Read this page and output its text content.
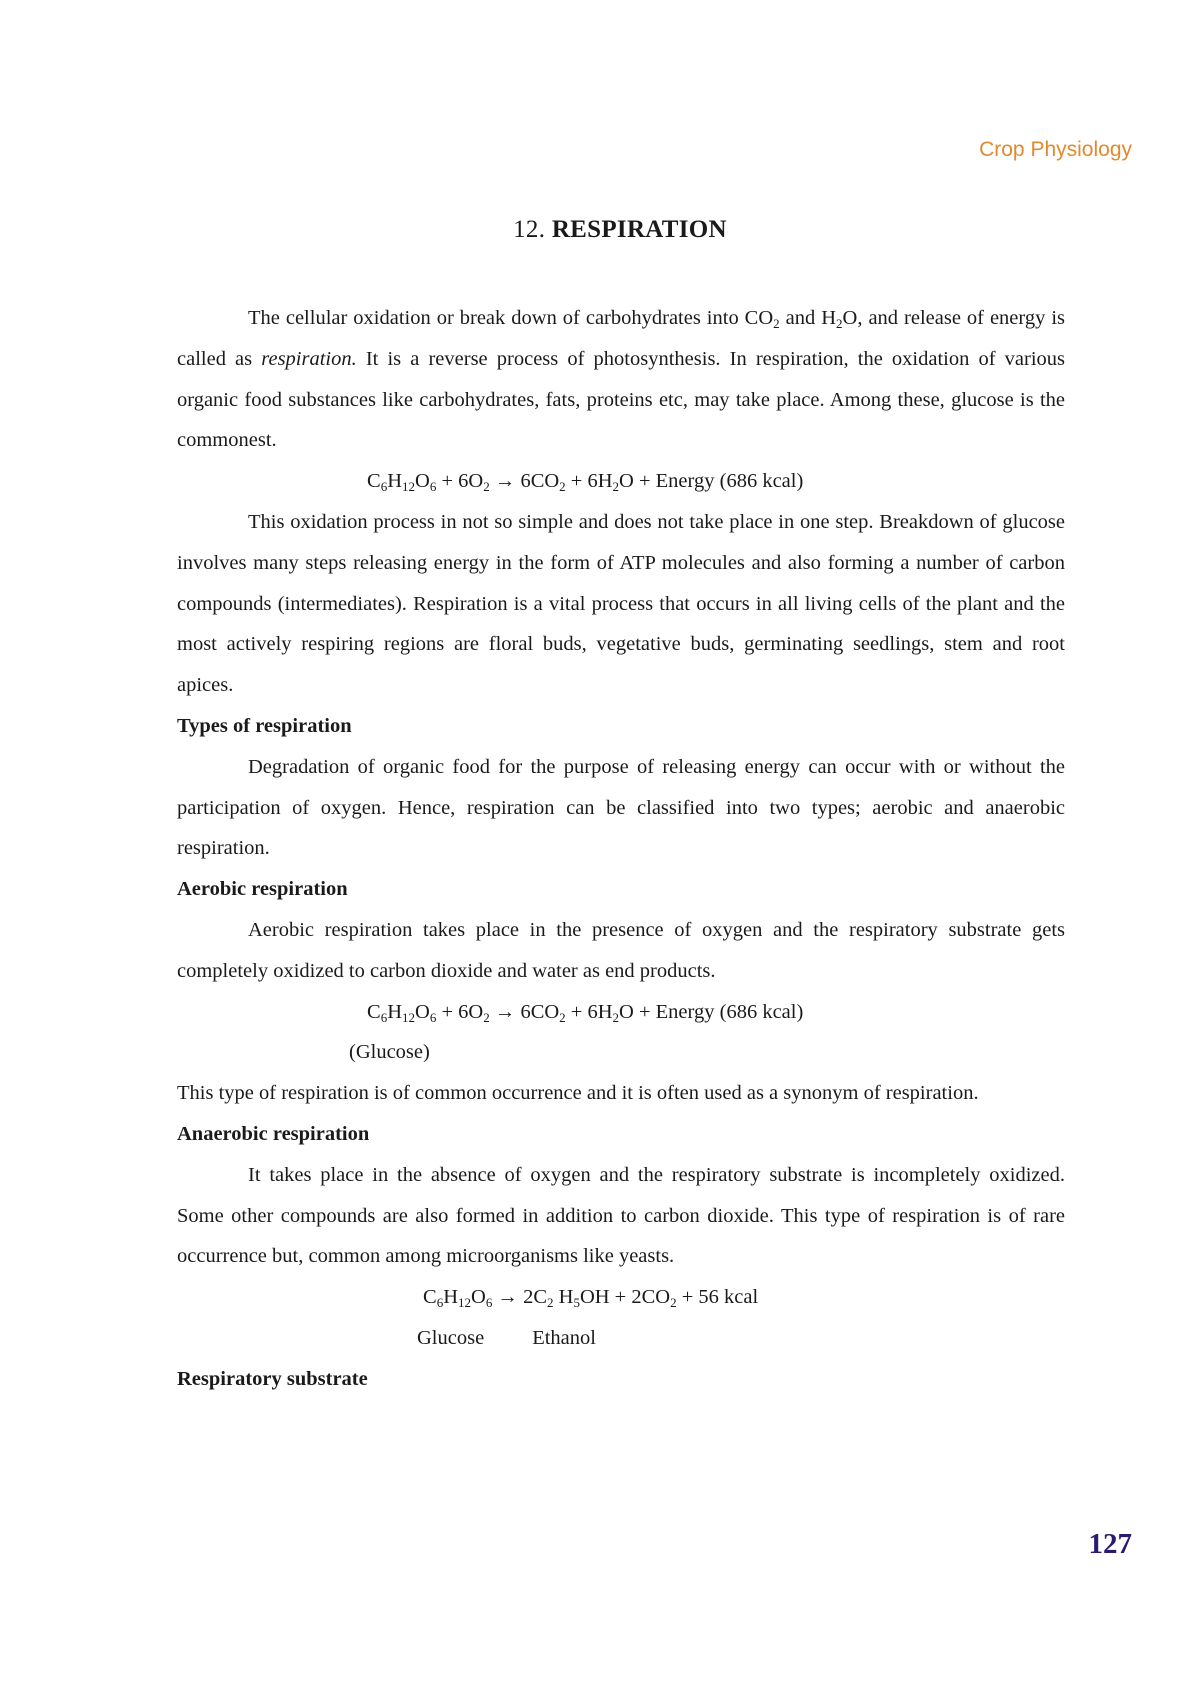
Crop Physiology
12. RESPIRATION

The cellular oxidation or break down of carbohydrates into $CO_2$ and $H_2O$, and release of energy is called as respiration. It is a reverse process of photosynthesis. In respiration, the oxidation of various organic food substances like carbohydrates, fats, proteins etc, may take place. Among these, glucose is the commonest.

$C_6H_{12}O_6 + 6O_2 \to 6CO_2 + 6H_2O$ + Energy (686 kcal)

This oxidation process in not so simple and does not take place in one step. Breakdown of glucose involves many steps releasing energy in the form of ATP molecules and also forming a number of carbon compounds (intermediates). Respiration is a vital process that occurs in all living cells of the plant and the most actively respiring regions are floral buds, vegetative buds, germinating seedlings, stem and root apices.

Types of respiration

Degradation of organic food for the purpose of releasing energy can occur with or without the participation of oxygen. Hence, respiration can be classified into two types; aerobic and anaerobic respiration.

Aerobic respiration

Aerobic respiration takes place in the presence of oxygen and the respiratory substrate gets completely oxidized to carbon dioxide and water as end products.

$C_6H_{12}O_6 + 6O_2 \to 6CO_2 + 6H_2O$ + Energy (686 kcal)

(Glucose)

This type of respiration is of common occurrence and it is often used as a synonym of respiration.

Anaerobic respiration

It takes place in the absence of oxygen and the respiratory substrate is incompletely oxidized. Some other compounds are also formed in addition to carbon dioxide. This type of respiration is of rare occurrence but, common among microorganisms like yeasts.

$C_6H_{12}O_6 \to 2C_2$ $H_5OH + 2CO_2 + 56$ kcal

Glucose Ethanol

Respiratory substrate

127
